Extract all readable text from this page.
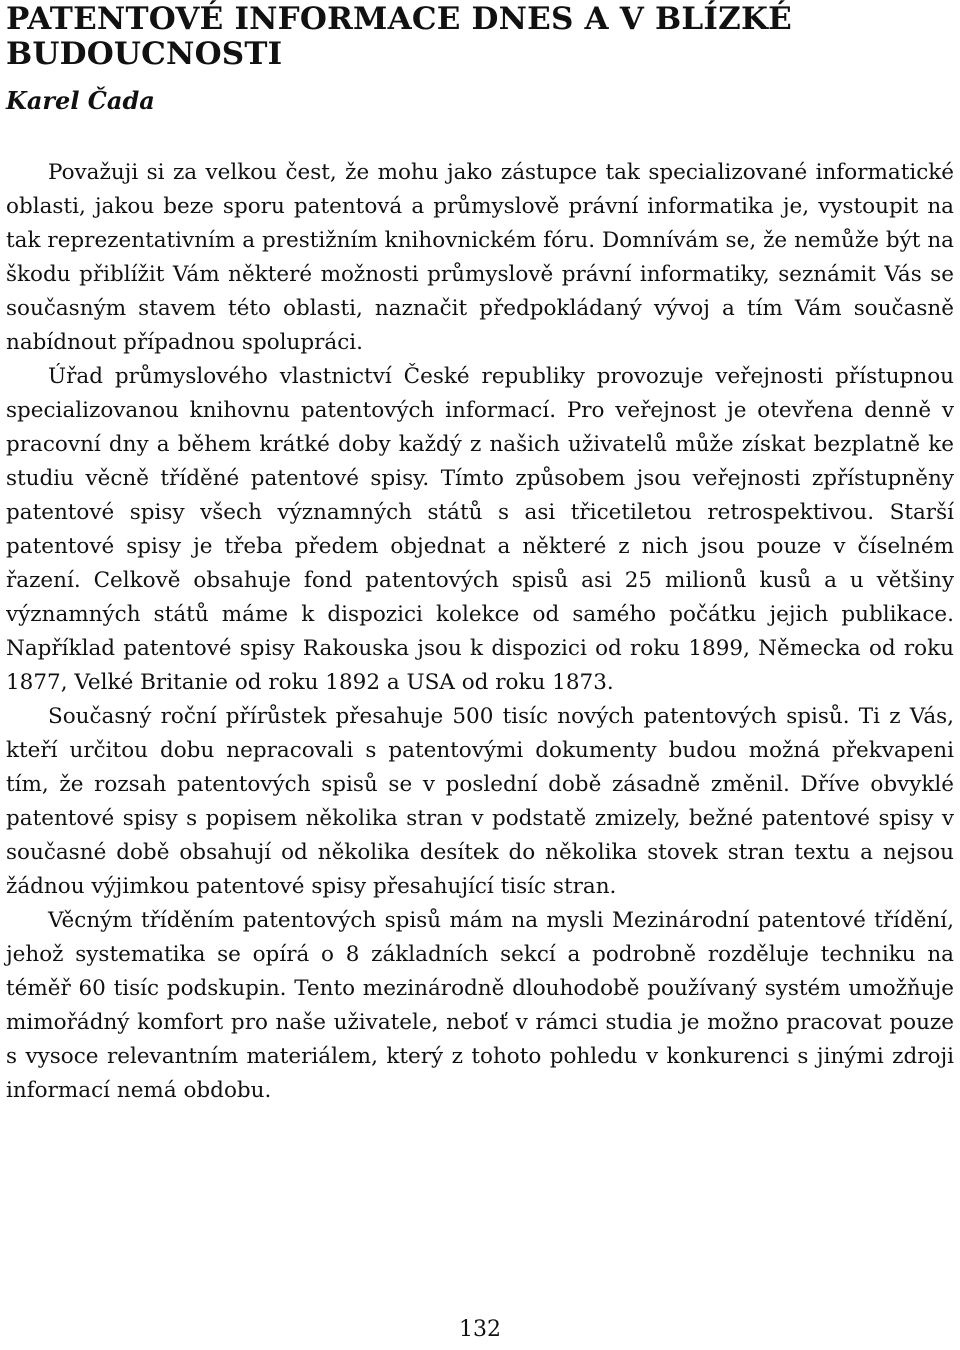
PATENTOVÉ INFORMACE DNES A V BLÍZKÉ BUDOUCNOSTI
Karel Čada

Považuji si za velkou čest, že mohu jako zástupce tak specializované informatické oblasti, jakou beze sporu patentová a průmyslově právní informatika je, vystoupit na tak reprezentativním a prestižním knihovnickém fóru. Domnívám se, že nemůže být na škodu přiblížit Vám některé možnosti průmyslově právní informatiky, seznámit Vás se současným stavem této oblasti, naznačit předpokládaný vývoj a tím Vám současně nabídnout případnou spolupráci.

Úřad průmyslového vlastnictví České republiky provozuje veřejnosti přístupnou specializovanou knihovnu patentových informací. Pro veřejnost je otevřena denně v pracovní dny a během krátké doby každý z našich uživatelů může získat bezplatně ke studiu věcně tříděné patentové spisy. Tímto způsobem jsou veřejnosti zpřístupněny patentové spisy všech významných států s asi třicetiletou retrospektivou. Starší patentové spisy je třeba předem objednat a některé z nich jsou pouze v číselném řazení. Celkově obsahuje fond patentových spisů asi 25 milionů kusů a u většiny významných států máme k dispozici kolekce od samého počátku jejich publikace. Například patentové spisy Rakouska jsou k dispozici od roku 1899, Německa od roku 1877, Velké Britanie od roku 1892 a USA od roku 1873.

Současný roční přírůstek přesahuje 500 tisíc nových patentových spisů. Ti z Vás, kteří určitou dobu nepracovali s patentovými dokumenty budou možná překvapeni tím, že rozsah patentových spisů se v poslední době zásadně změnil. Dříve obvyklé patentové spisy s popisem několika stran v podstatě zmizely, bežné patentové spisy v současné době obsahují od několika desítek do několika stovek stran textu a nejsou žádnou výjimkou patentové spisy přesahující tisíc stran.

Věcným tříděním patentových spisů mám na mysli Mezinárodní patentové třídění, jehož systematika se opírá o 8 základních sekcí a podrobně rozděluje techniku na téměř 60 tisíc podskupin. Tento mezinárodně dlouhodobě používaný systém umožňuje mimořádný komfort pro naše uživatele, neboť v rámci studia je možno pracovat pouze s vysoce relevantním materiálem, který z tohoto pohledu v konkurenci s jinými zdroji informací nemá obdobu.

132
